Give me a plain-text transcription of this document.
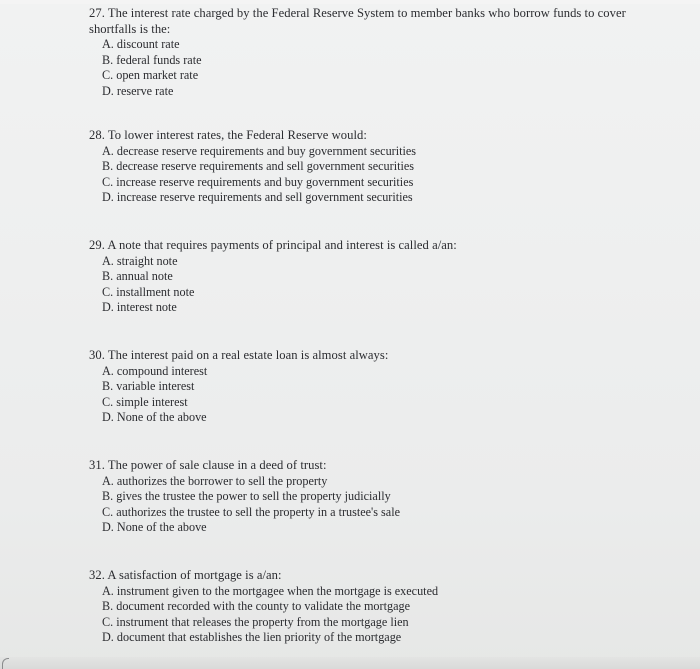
27. The interest rate charged by the Federal Reserve System to member banks who borrow funds to cover shortfalls is the:

A. discount rate
B. federal funds rate
C. open market rate
D. reserve rate

28. To lower interest rates, the Federal Reserve would:

A. decrease reserve requirements and buy government securities
B. decrease reserve requirements and sell government securities
C. increase reserve requirements and buy government securities
D. increase reserve requirements and sell government securities

29. A note that requires payments of principal and interest is called a/an:

A. straight note
B. annual note
C. installment note
D. interest note

30. The interest paid on a real estate loan is almost always:

A. compound interest
B. variable interest
C. simple interest
D. None of the above

31. The power of sale clause in a deed of trust:

A. authorizes the borrower to sell the property
B. gives the trustee the power to sell the property judicially
C. authorizes the trustee to sell the property in a trustee's sale
D. None of the above

32. A satisfaction of mortgage is a/an:

A. instrument given to the mortgagee when the mortgage is executed
B. document recorded with the county to validate the mortgage
C. instrument that releases the property from the mortgage lien
D. document that establishes the lien priority of the mortgage
